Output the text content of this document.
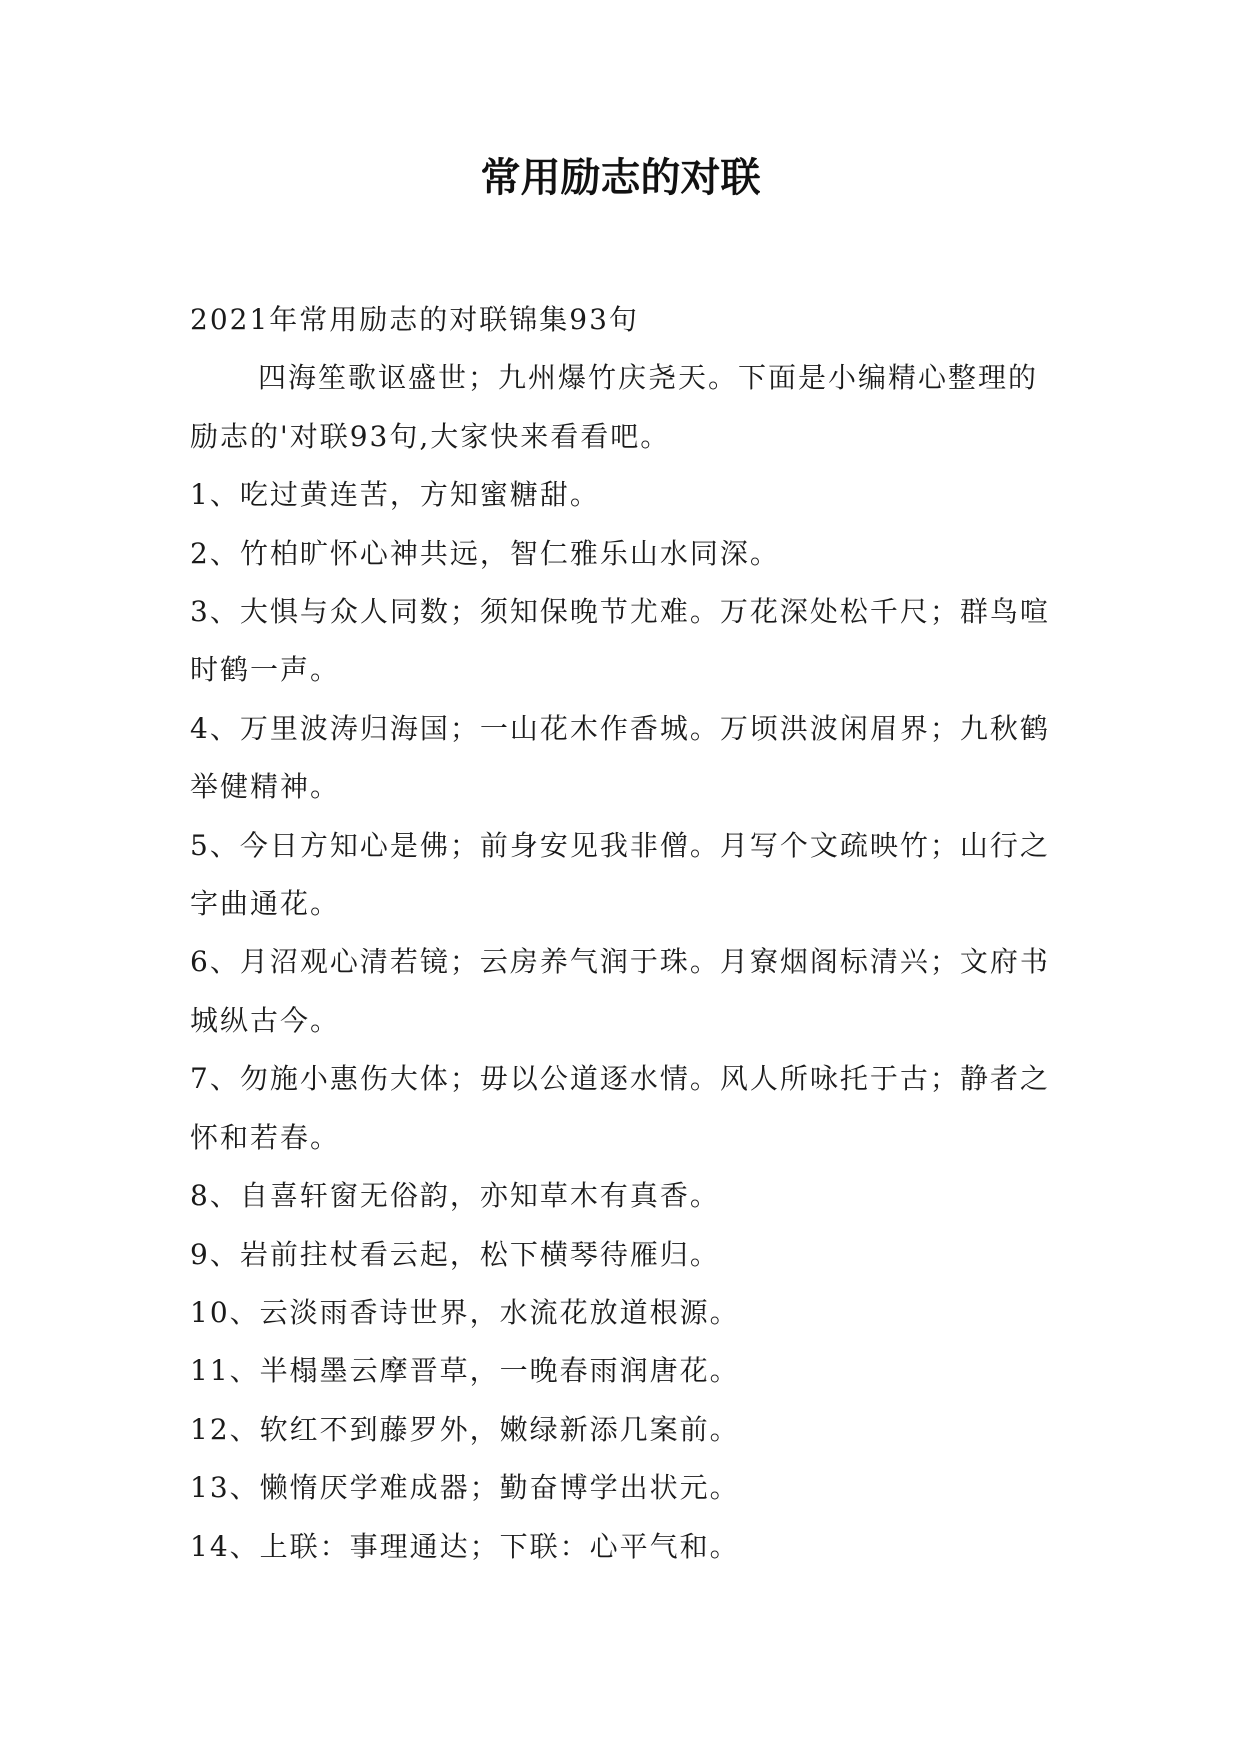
常用励志的对联

2021年常用励志的对联锦集93句

四海笙歌讴盛世；九州爆竹庆尧天。下面是小编精心整理的励志的'对联93句,大家快来看看吧。

1、吃过黄连苦，方知蜜糖甜。

2、竹柏旷怀心神共远，智仁雅乐山水同深。

3、大惧与众人同数；须知保晚节尤难。万花深处松千尺；群鸟喧时鹤一声。

4、万里波涛归海国；一山花木作香城。万顷洪波闲眉界；九秋鹤举健精神。

5、今日方知心是佛；前身安见我非僧。月写个文疏映竹；山行之字曲通花。

6、月沼观心清若镜；云房养气润于珠。月寮烟阁标清兴；文府书城纵古今。

7、勿施小惠伤大体；毋以公道逐水情。风人所咏托于古；静者之怀和若春。

8、自喜轩窗无俗韵，亦知草木有真香。

9、岩前拄杖看云起，松下横琴待雁归。

10、云淡雨香诗世界，水流花放道根源。

11、半榻墨云摩晋草，一晚春雨润唐花。

12、软红不到藤罗外，嫩绿新添几案前。

13、懒惰厌学难成器；勤奋博学出状元。

14、上联：事理通达；下联：心平气和。
